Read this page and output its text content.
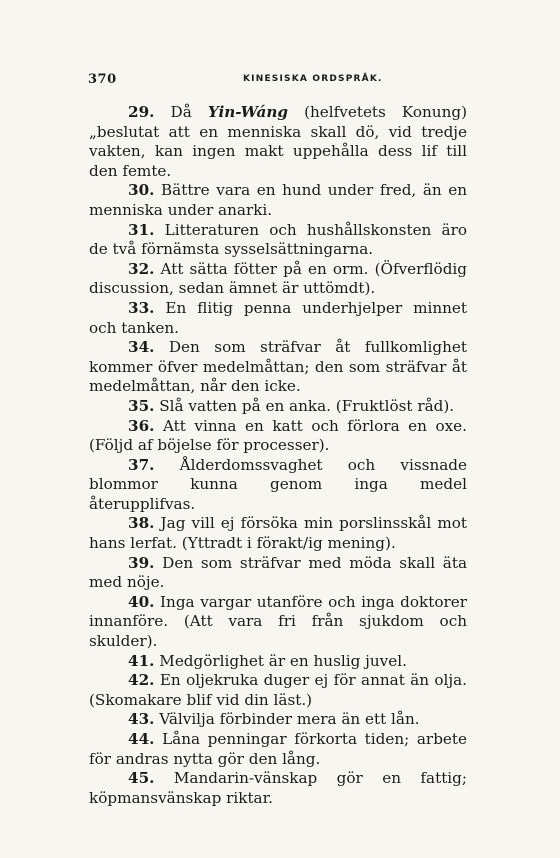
370	KINESISKA ORDSPRÅK.

29. Då Yin-Wáng (helfvetets Konung) „beslutat att en menniska skall dö, vid tredje vakten, kan ingen makt uppehålla dess lif till den femte.

30. Bättre vara en hund under fred, än en menniska under anarki.

31. Litteraturen och hushållskonsten äro de två förnämsta sysselsättningarna.

32. Att sätta fötter på en orm. (Öfverflödig discussion, sedan ämnet är uttömdt).

33. En flitig penna underhjelper minnet och tanken.

34. Den som sträfvar åt fullkomlighet kommer öfver medelmåttan; den som sträfvar åt medelmåttan, når den icke.

35. Slå vatten på en anka. (Fruktlöst råd).

36. Att vinna en katt och förlora en oxe. (Följd af böjelse för processer).

37. Ålderdomssvaghet och vissnade blommor kunna genom inga medel återupplifvas.

38. Jag vill ej försöka min porslinsskål mot hans lerfat. (Yttradt i förakt/ig mening).

39. Den som sträfvar med möda skall äta med nöje.

40. Inga vargar utanföre och inga doktorer innanföre. (Att vara fri från sjukdom och skulder).

41. Medgörlighet är en huslig juvel.

42. En oljekruka duger ej för annat än olja. (Skomakare blif vid din läst.)

43. Välvilja förbinder mera än ett lån.

44. Låna penningar förkorta tiden; arbete för andras nytta gör den lång.

45. Mandarin-vänskap gör en fattig; köpmansvänskap riktar.
